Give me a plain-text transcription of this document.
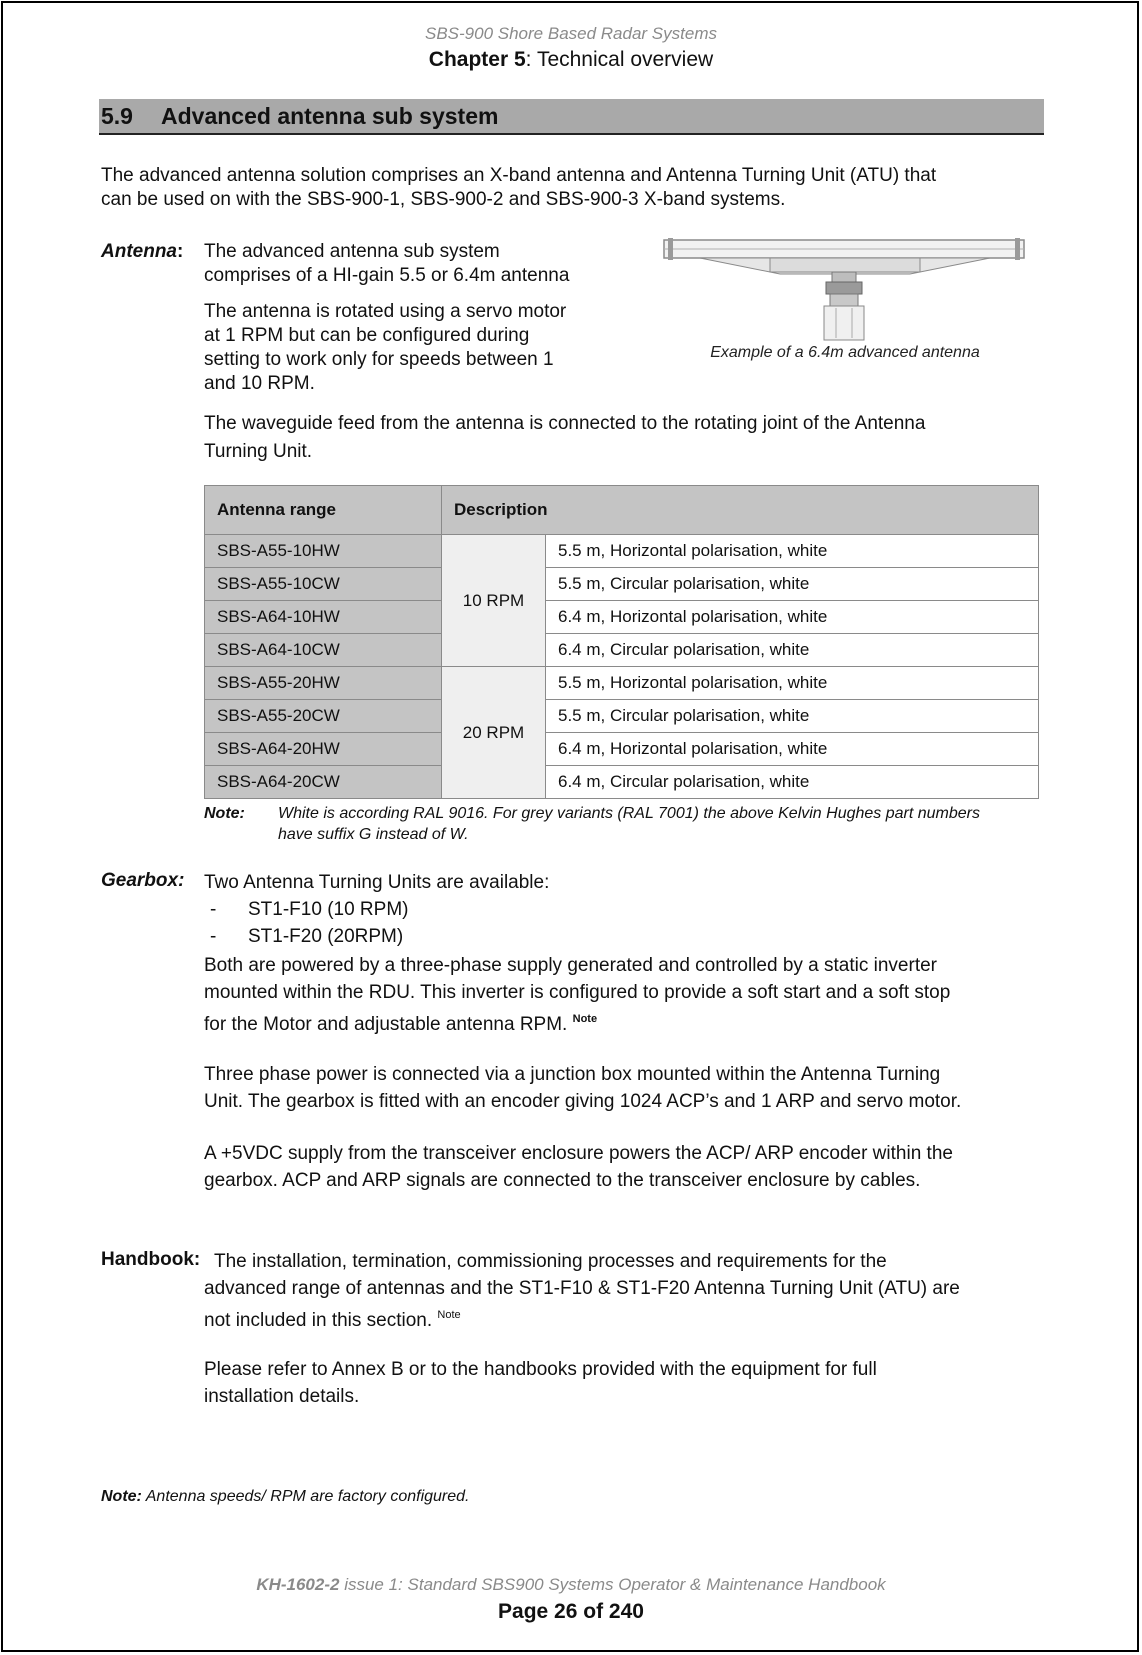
SBS-900 Shore Based Radar Systems
Chapter 5: Technical overview
5.9 Advanced antenna sub system
The advanced antenna solution comprises an X-band antenna and Antenna Turning Unit (ATU) that
can be used on with the SBS-900-1, SBS-900-2 and SBS-900-3 X-band systems.
Antenna: The advanced antenna sub system
comprises of a HI-gain 5.5 or 6.4m antenna
The antenna is rotated using a servo motor
at 1 RPM but can be configured during
setting to work only for speeds between 1
and 10 RPM.
Example of a 6.4m advanced antenna
The waveguide feed from the antenna is connected to the rotating joint of the Antenna
Turning Unit.
Antenna range	Description	
SBS-A55-10HW	10 RPM	5.5 m, Horizontal polarisation, white
SBS-A55-10CW		5.5 m, Circular polarisation, white
SBS-A64-10HW		6.4 m, Horizontal polarisation, white
SBS-A64-10CW		6.4 m, Circular polarisation, white
SBS-A55-20HW	20 RPM	5.5 m, Horizontal polarisation, white
SBS-A55-20CW		5.5 m, Circular polarisation, white
SBS-A64-20HW		6.4 m, Horizontal polarisation, white
SBS-A64-20CW		6.4 m, Circular polarisation, white
Note: White is according RAL 9016. For grey variants (RAL 7001) the above Kelvin Hughes part numbers
have suffix G instead of W.
Gearbox: Two Antenna Turning Units are available:
- ST1-F10 (10 RPM)
- ST1-F20 (20RPM)
Both are powered by a three-phase supply generated and controlled by a static inverter
mounted within the RDU. This inverter is configured to provide a soft start and a soft stop
for the Motor and adjustable antenna RPM. $^{Note}$
Three phase power is connected via a junction box mounted within the Antenna Turning
Unit. The gearbox is fitted with an encoder giving 1024 ACP’s and 1 ARP and servo motor.
A +5VDC supply from the transceiver enclosure powers the ACP/ ARP encoder within the
gearbox. ACP and ARP signals are connected to the transceiver enclosure by cables.
Handbook: The installation, termination, commissioning processes and requirements for the
advanced range of antennas and the ST1-F10 & ST1-F20 Antenna Turning Unit (ATU) are
not included in this section. $^{Note}$
Please refer to Annex B or to the handbooks provided with the equipment for full
installation details.
Note: Antenna speeds/ RPM are factory configured.
KH-1602-2 issue 1: Standard SBS900 Systems Operator & Maintenance Handbook
Page 26 of 240
